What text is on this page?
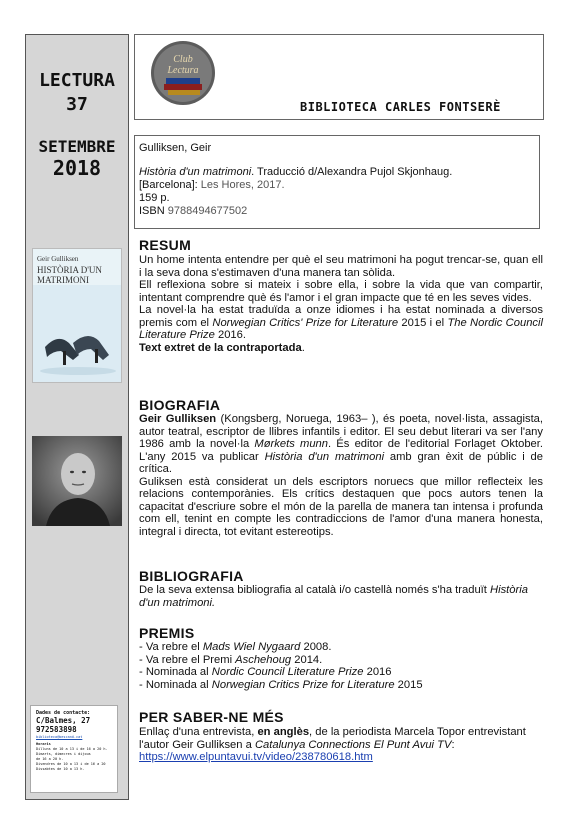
LECTURA
37
SETEMBRE
2018
Geir Gulliksen
HISTÒRIA D'UN
MATRIMONI
Dades de contacte:
C/Balmes, 27
972583898
biblioteca@bescanó.cat
Horaris
Dilluns de 10 a 13 i de 16 a 20 h.
Dimarts, dimecres i dijous
de 16 a 20 h.
Divendres de 10 a 13 i de 16 a 20
Dissabtes de 10 a 13 h.
Club
Lectura
BIBLIOTECA CARLES FONTSERÈ
Gulliksen, Geir
Història d'un matrimoni. Traducció d/Alexandra Pujol Skjonhaug.
[Barcelona]: Les Hores, 2017.
159 p.
ISBN 9788494677502
RESUM

Un home intenta entendre per què el seu matrimoni ha pogut trencar-se, quan ell i la seva dona s'estimaven d'una manera tan sòlida.

Ell reflexiona sobre si mateix i sobre ella, i sobre la vida que van compartir, intentant comprendre què és l'amor i el gran impacte que té en les seves vides.

La novel·la ha estat traduïda a onze idiomes i ha estat nominada a diversos premis com el Norwegian Critics' Prize for Literature 2015 i el The Nordic Council Literature Prize 2016.

Text extret de la contraportada.

BIOGRAFIA

Geir Gulliksen (Kongsberg, Noruega, 1963– ), és poeta, novel·lista, assagista, autor teatral, escriptor de llibres infantils i editor. El seu debut literari va ser l'any 1986 amb la novel·la Mørkets munn. És editor de l'editorial Forlaget Oktober. L'any 2015 va publicar Història d'un matrimoni amb gran èxit de públic i de crítica.

Guliksen està considerat un dels escriptors noruecs que millor reflecteix les relacions contemporànies. Els crítics destaquen que pocs autors tenen la capacitat d'escriure sobre el món de la parella de manera tan intensa i profunda com ell, tenint en compte les contradiccions de l'amor d'una manera honesta, integral i directa, tot evitant estereotips.

BIBLIOGRAFIA
De la seva extensa bibliografia al català i/o castellà només s'ha traduït Història d'un matrimoni.
PREMIS
- Va rebre el Mads Wiel Nygaard 2008.
- Va rebre el Premi Aschehoug 2014.
- Nominada al Nordic Council Literature Prize 2016
- Nominada al Norwegian Critics Prize for Literature 2015
PER SABER-NE MÉS
Enllaç d'una entrevista, en anglès, de la periodista Marcela Topor entrevistant l'autor Geir Gulliksen a Catalunya Connections El Punt Avui TV: https://www.elpuntavui.tv/video/238780618.htm
